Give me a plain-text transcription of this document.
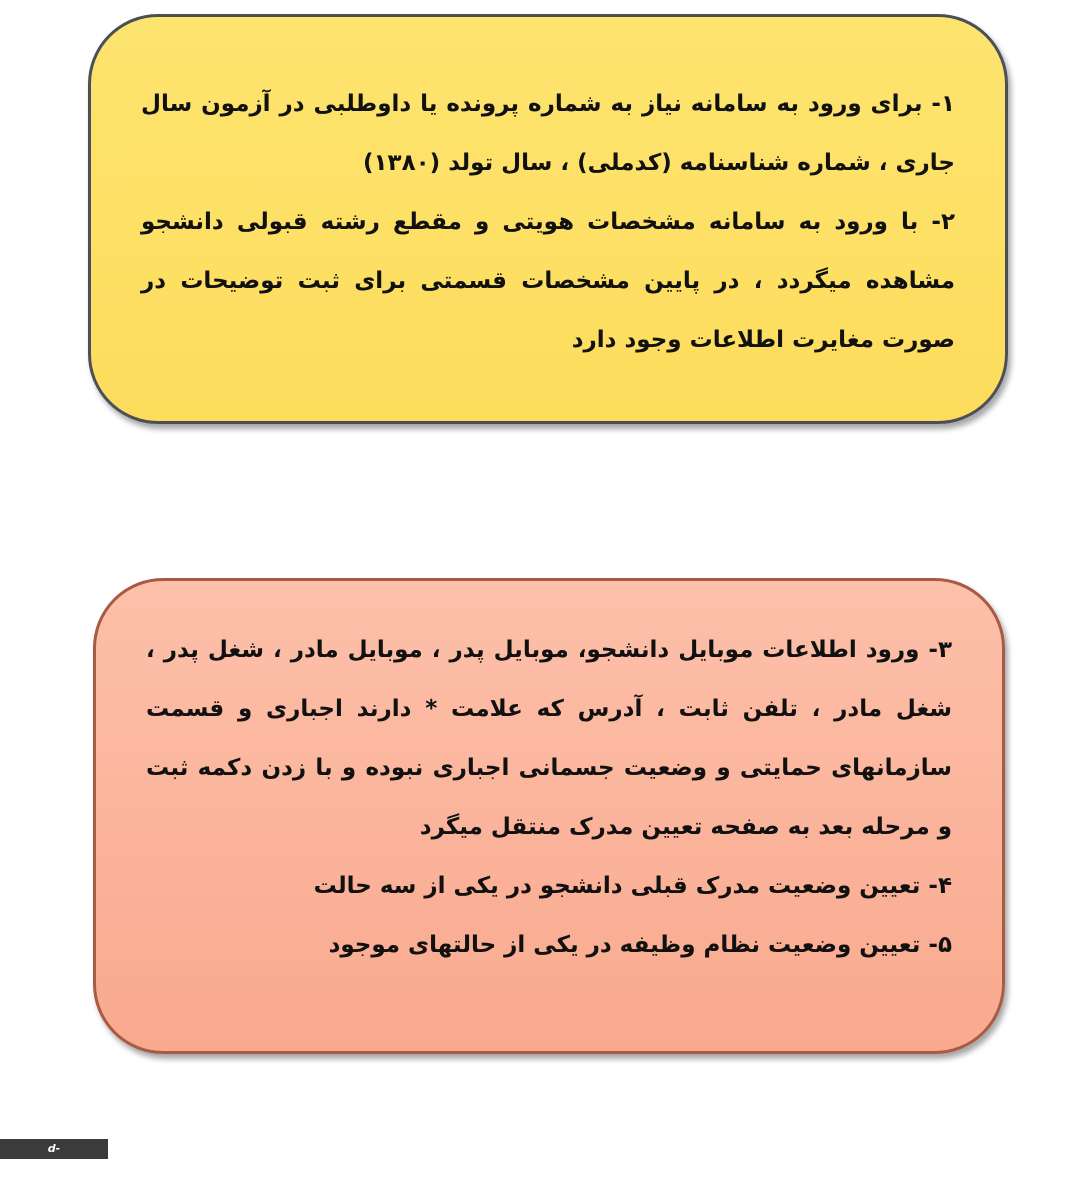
۱- برای ورود به سامانه نیاز به شماره پرونده یا داوطلبی در آزمون سال جاری ، شماره شناسنامه (کدملی) ، سال تولد (۱۳۸۰)

۲- با ورود به سامانه مشخصات هویتی و مقطع رشته قبولی دانشجو مشاهده میگردد ، در پایین مشخصات قسمتی برای ثبت توضیحات در صورت مغایرت اطلاعات وجود دارد

۳- ورود اطلاعات موبایل دانشجو، موبایل پدر ، موبایل مادر ، شغل پدر ، شغل مادر ، تلفن ثابت ، آدرس که علامت * دارند اجباری و قسمت سازمانهای حمایتی و وضعیت جسمانی اجباری نبوده و با زدن دکمه ثبت و مرحله بعد به صفحه تعیین مدرک منتقل میگرد

۴- تعیین وضعیت مدرک قبلی دانشجو در یکی از سه حالت

۵- تعیین وضعیت نظام وظیفه در یکی از حالتهای موجود

d-kashan.tvu.ac.ir
